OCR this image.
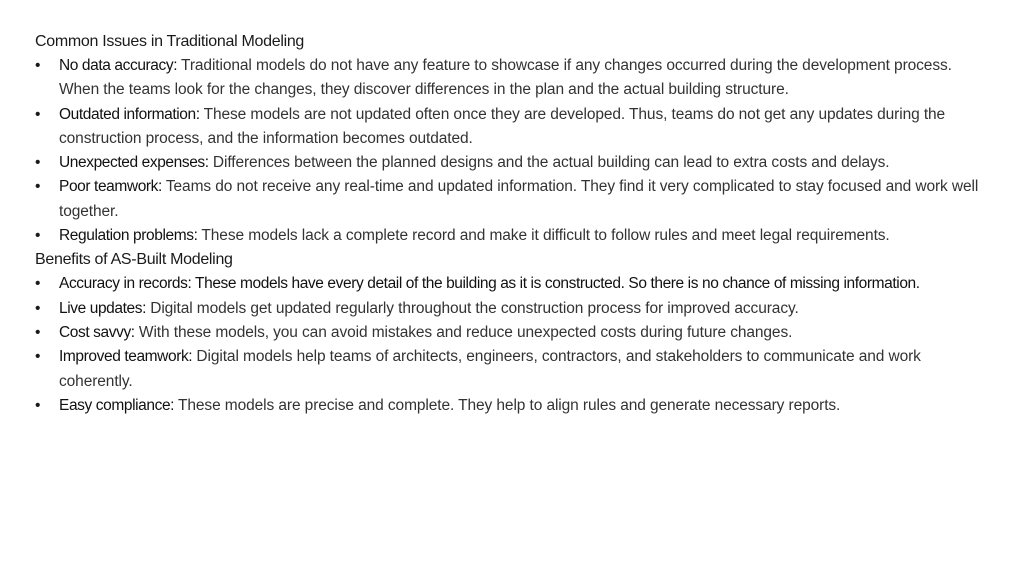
Common Issues in Traditional Modeling

• No data accuracy: Traditional models do not have any feature to showcase if any changes occurred during the development process. When the teams look for the changes, they discover differences in the plan and the actual building structure.
• Outdated information: These models are not updated often once they are developed. Thus, teams do not get any updates during the construction process, and the information becomes outdated.
• Unexpected expenses: Differences between the planned designs and the actual building can lead to extra costs and delays.
• Poor teamwork: Teams do not receive any real-time and updated information. They find it very complicated to stay focused and work well together.
• Regulation problems: These models lack a complete record and make it difficult to follow rules and meet legal requirements.

Benefits of AS-Built Modeling

• Accuracy in records: These models have every detail of the building as it is constructed. So there is no chance of missing information.
• Live updates: Digital models get updated regularly throughout the construction process for improved accuracy.
• Cost savvy: With these models, you can avoid mistakes and reduce unexpected costs during future changes.
• Improved teamwork: Digital models help teams of architects, engineers, contractors, and stakeholders to communicate and work coherently.
• Easy compliance: These models are precise and complete. They help to align rules and generate necessary reports.
